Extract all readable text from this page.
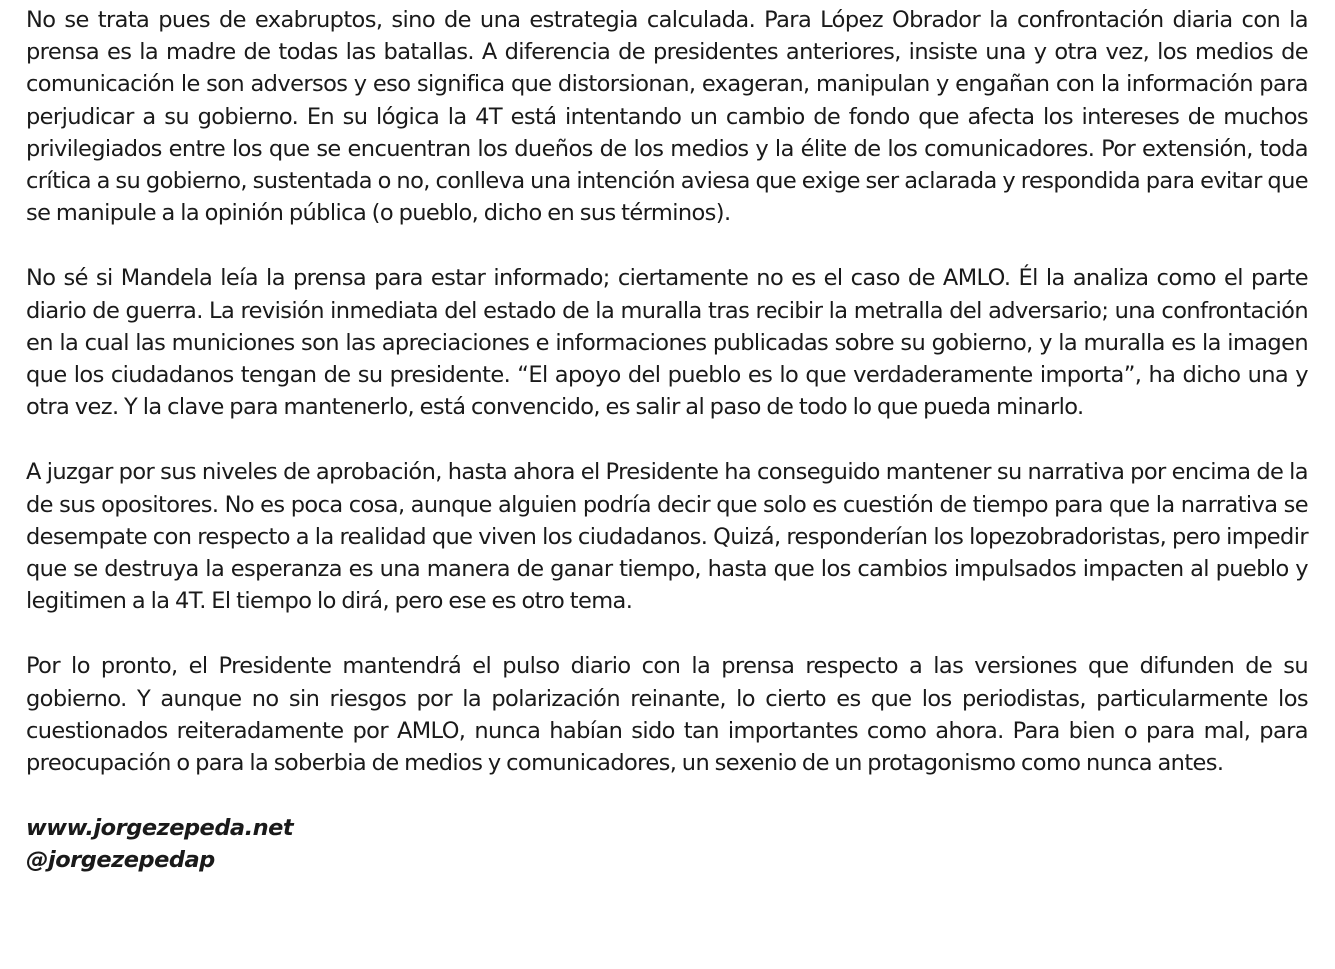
No se trata pues de exabruptos, sino de una estrategia calculada. Para López Obrador la confrontación diaria con la prensa es la madre de todas las batallas. A diferencia de presidentes anteriores, insiste una y otra vez, los medios de comunicación le son adversos y eso significa que distorsionan, exageran, manipulan y engañan con la información para perjudicar a su gobierno. En su lógica la 4T está intentando un cambio de fondo que afecta los intereses de muchos privilegiados entre los que se encuentran los dueños de los medios y la élite de los comunicadores. Por extensión, toda crítica a su gobierno, sustentada o no, conlleva una intención aviesa que exige ser aclarada y respondida para evitar que se manipule a la opinión pública (o pueblo, dicho en sus términos).

No sé si Mandela leía la prensa para estar informado; ciertamente no es el caso de AMLO. Él la analiza como el parte diario de guerra. La revisión inmediata del estado de la muralla tras recibir la metralla del adversario; una confrontación en la cual las municiones son las apreciaciones e informaciones publicadas sobre su gobierno, y la muralla es la imagen que los ciudadanos tengan de su presidente. “El apoyo del pueblo es lo que verdaderamente importa”, ha dicho una y otra vez. Y la clave para mantenerlo, está convencido, es salir al paso de todo lo que pueda minarlo.

A juzgar por sus niveles de aprobación, hasta ahora el Presidente ha conseguido mantener su narrativa por encima de la de sus opositores. No es poca cosa, aunque alguien podría decir que solo es cuestión de tiempo para que la narrativa se desempate con respecto a la realidad que viven los ciudadanos. Quizá, responderían los lopezobradoristas, pero impedir que se destruya la esperanza es una manera de ganar tiempo, hasta que los cambios impulsados impacten al pueblo y legitimen a la 4T. El tiempo lo dirá, pero ese es otro tema.

Por lo pronto, el Presidente mantendrá el pulso diario con la prensa respecto a las versiones que difunden de su gobierno. Y aunque no sin riesgos por la polarización reinante, lo cierto es que los periodistas, particularmente los cuestionados reiteradamente por AMLO, nunca habían sido tan importantes como ahora. Para bien o para mal, para preocupación o para la soberbia de medios y comunicadores, un sexenio de un protagonismo como nunca antes.

www.jorgezepeda.net
@jorgezepedap
